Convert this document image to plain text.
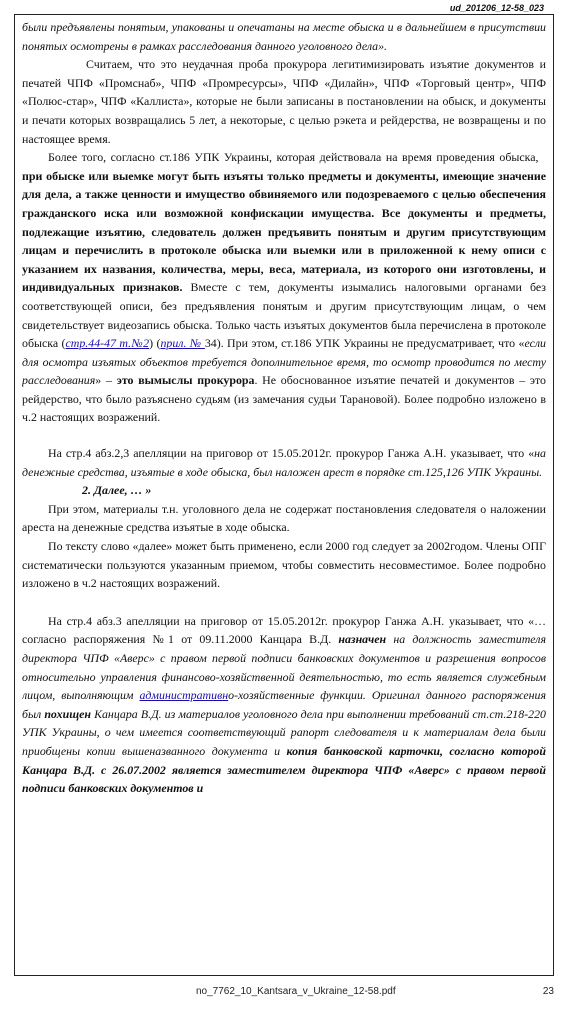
ud_201206_12-58_023

были предъявлены понятым, упакованы и опечатаны на месте обыска и в дальнейшем в присутствии понятых осмотрены в рамках расследования данного уголовного дела».

Считаем, что это неудачная проба прокурора легитимизировать изъятие документов и печатей ЧПФ «Промснаб», ЧПФ «Промресурсы», ЧПФ «Дилайн», ЧПФ «Торговый центр», ЧПФ «Полюс-стар», ЧПФ «Каллиста», которые не были записаны в постановлении на обыск, и документы и печати которых возвращались 5 лет, а некоторые, с целью рэкета и рейдерства, не возвращены и по настоящее время.

Более того, согласно ст.186 УПК Украины, которая действовала на время проведения обыска,   при обыске или выемке могут быть изъяты только предметы и документы, имеющие значение для дела, а также ценности и имущество обвиняемого или подозреваемого с целью обеспечения гражданского иска или возможной конфискации имущества. Все документы и предметы, подлежащие изъятию, следователь должен предъявить понятым и другим присутствующим лицам и перечислить в протоколе обыска или выемки или в приложенной к нему описи с указанием их названия, количества, меры, веса, материала, из которого они изготовлены, и индивидуальных признаков. Вместе с тем, документы изымались налоговыми органами без соответствующей описи, без предъявления понятым и другим присутствующим лицам, о чем свидетельствует видеозапись обыска. Только часть изъятых документов была перечислена в протоколе обыска (стр.44-47 т.№2) (прил. № 34). При этом, ст.186 УПК Украины не предусматривает, что «если для осмотра изъятых объектов требуется дополнительное время, то осмотр проводится по месту расследования» – это вымыслы прокурора. Не обоснованное изъятие печатей и документов – это рейдерство, что было разъяснено судьям (из замечания судьи Тарановой). Более подробно изложено в ч.2 настоящих возражений.

На стр.4 абз.2,3 апелляции на приговор от 15.05.2012г. прокурор Ганжа А.Н. указывает, что «на денежные средства, изъятые в ходе обыска, был наложен арест в порядке ст.125,126 УПК Украины.

2. Далее, … »

При этом, материалы т.н. уголовного дела не содержат постановления следователя о наложении ареста на денежные средства изъятые в ходе обыска.

По тексту слово «далее» может быть применено, если 2000 год следует за 2002годом. Члены ОПГ систематически пользуются указанным приемом, чтобы совместить несовместимое. Более подробно изложено в ч.2 настоящих возражений.

На стр.4 абз.3 апелляции на приговор от 15.05.2012г. прокурор Ганжа А.Н. указывает, что «… согласно распоряжения №1 от 09.11.2000 Канцара В.Д. назначен на должность заместителя директора ЧПФ «Аверс» с правом первой подписи банковских документов и разрешения вопросов относительно управления финансово-хозяйственной деятельностью, то есть является служебным лицом, выполняющим административно-хозяйственные функции. Оригинал данного распоряжения был похищен Канцара В.Д. из материалов уголовного дела при выполнении требований ст.ст.218-220 УПК Украины, о чем имеется соответствующий рапорт следователя и к материалам дела были приобщены копии вышеназванного документа и копия банковской карточки, согласно которой Канцара В.Д. с 26.07.2002 является заместителем директора ЧПФ «Аверс» с правом первой подписи банковских документов и

no_7762_10_Kantsara_v_Ukraine_12-58.pdf	23
